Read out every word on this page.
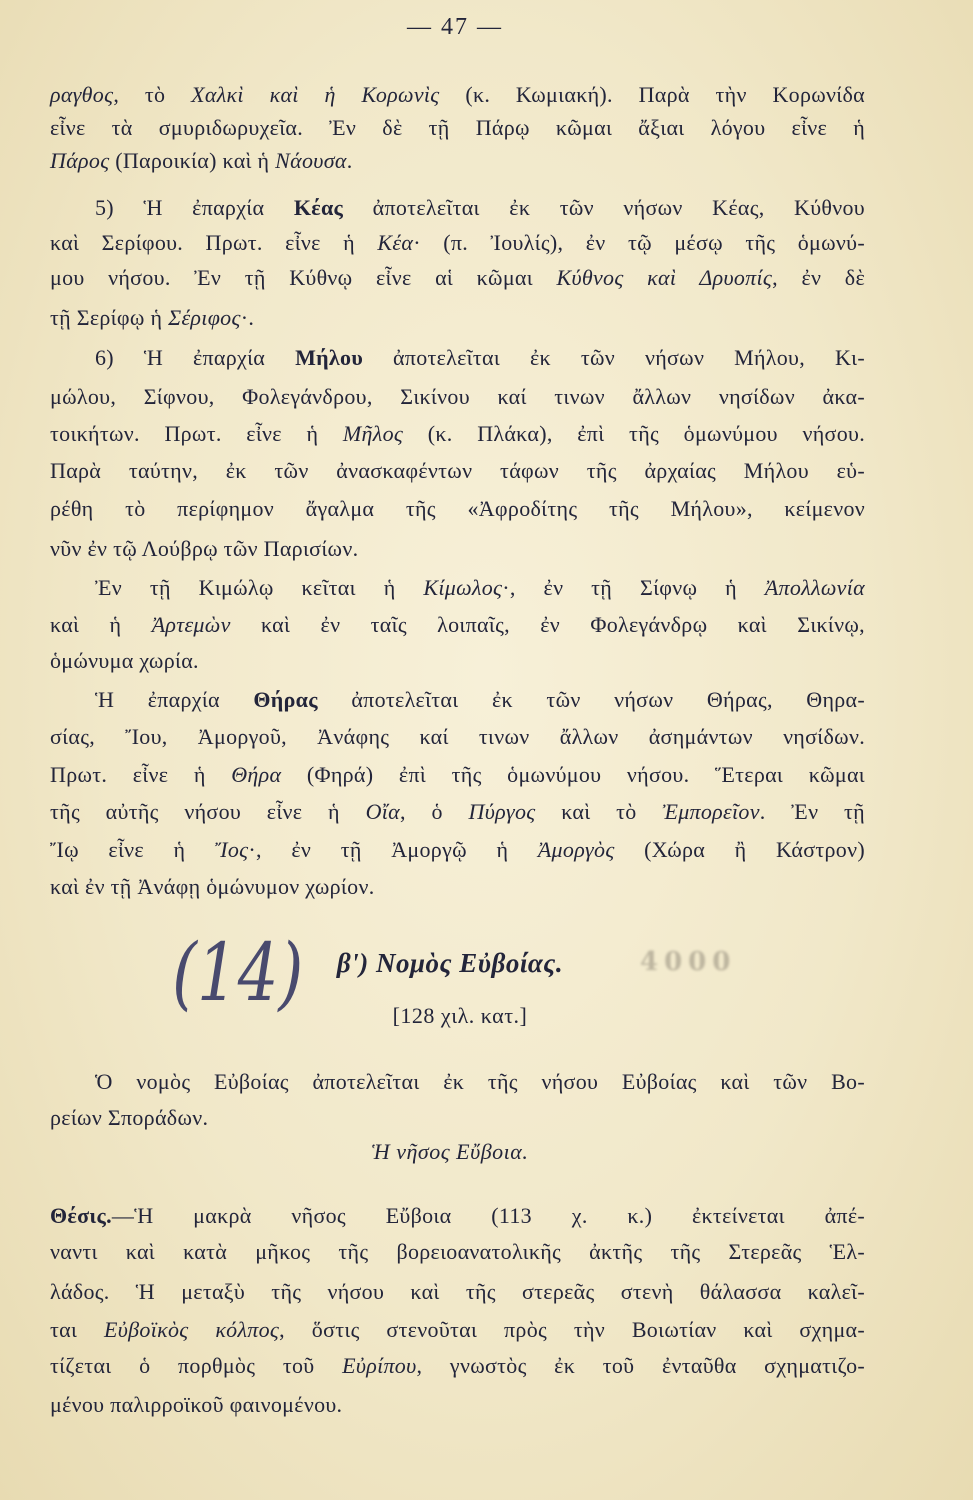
— 47 —
ραγθος, τὸ Χαλκὶ καὶ ἡ Κορωνὶς (κ. Κωμιακή). Παρὰ τὴν Κορωνίδα
εἶνε τὰ σμυριδωρυχεῖα. Ἐν δὲ τῇ Πάρῳ κῶμαι ἄξιαι λόγου εἶνε ἡ
Πάρος (Παροικία) καὶ ἡ Νάουσα.
5) Ἡ ἐπαρχία Κέας ἀποτελεῖται ἐκ τῶν νήσων Κέας, Κύθνου
καὶ Σερίφου. Πρωτ. εἶνε ἡ Κέα· (π. Ἰουλίς), ἐν τῷ μέσῳ τῆς ὁμωνύ-
μου νήσου. Ἐν τῇ Κύθνῳ εἶνε αἱ κῶμαι Κύθνος καὶ Δρυοπίς, ἐν δὲ
τῇ Σερίφῳ ἡ Σέριφος·.
6) Ἡ ἐπαρχία Μήλου ἀποτελεῖται ἐκ τῶν νήσων Μήλου, Κι-
μώλου, Σίφνου, Φολεγάνδρου, Σικίνου καί τινων ἄλλων νησίδων ἀκα-
τοικήτων. Πρωτ. εἶνε ἡ Μῆλος (κ. Πλάκα), ἐπὶ τῆς ὁμωνύμου νήσου.
Παρὰ ταύτην, ἐκ τῶν ἀνασκαφέντων τάφων τῆς ἀρχαίας Μήλου εὑ-
ρέθη τὸ περίφημον ἄγαλμα τῆς «Ἀφροδίτης τῆς Μήλου», κείμενον
νῦν ἐν τῷ Λούβρῳ τῶν Παρισίων.
Ἐν τῇ Κιμώλῳ κεῖται ἡ Κίμωλος·, ἐν τῇ Σίφνῳ ἡ Ἀπολλωνία
καὶ ἡ Ἀρτεμὼν καὶ ἐν ταῖς λοιπαῖς, ἐν Φολεγάνδρῳ καὶ Σικίνῳ,
ὁμώνυμα χωρία.
Ἡ ἐπαρχία Θήρας ἀποτελεῖται ἐκ τῶν νήσων Θήρας, Θηρα-
σίας, Ἴου, Ἀμοργοῦ, Ἀνάφης καί τινων ἄλλων ἀσημάντων νησίδων.
Πρωτ. εἶνε ἡ Θήρα (Φηρά) ἐπὶ τῆς ὁμωνύμου νήσου. Ἕτεραι κῶμαι
τῆς αὐτῆς νήσου εἶνε ἡ Οἴα, ὁ Πύργος καὶ τὸ Ἐμπορεῖον. Ἐν τῇ
Ἴῳ εἶνε ἡ Ἴος·, ἐν τῇ Ἀμοργῷ ἡ Ἀμοργὸς (Χώρα ἢ Κάστρον)
καὶ ἐν τῇ Ἀνάφῃ ὁμώνυμον χωρίον.
(14)	β') Νομὸς Εὐβοίας.	4000
[128 χιλ. κατ.]
Ὁ νομὸς Εὐβοίας ἀποτελεῖται ἐκ τῆς νήσου Εὐβοίας καὶ τῶν Βο-
ρείων Σποράδων.
Ἡ νῆσος Εὔβοια.
Θέσις.—Ἡ μακρὰ νῆσος Εὔβοια (113 χ. κ.) ἐκτείνεται ἀπέ-
ναντι καὶ κατὰ μῆκος τῆς βορειοανατολικῆς ἀκτῆς τῆς Στερεᾶς Ἑλ-
λάδος. Ἡ μεταξὺ τῆς νήσου καὶ τῆς στερεᾶς στενὴ θάλασσα καλεῖ-
ται Εὐβοϊκὸς κόλπος, ὅστις στενοῦται πρὸς τὴν Βοιωτίαν καὶ σχημα-
τίζεται ὁ πορθμὸς τοῦ Εὐρίπου, γνωστὸς ἐκ τοῦ ἐνταῦθα σχηματιζο-
μένου παλιρροϊκοῦ φαινομένου.
